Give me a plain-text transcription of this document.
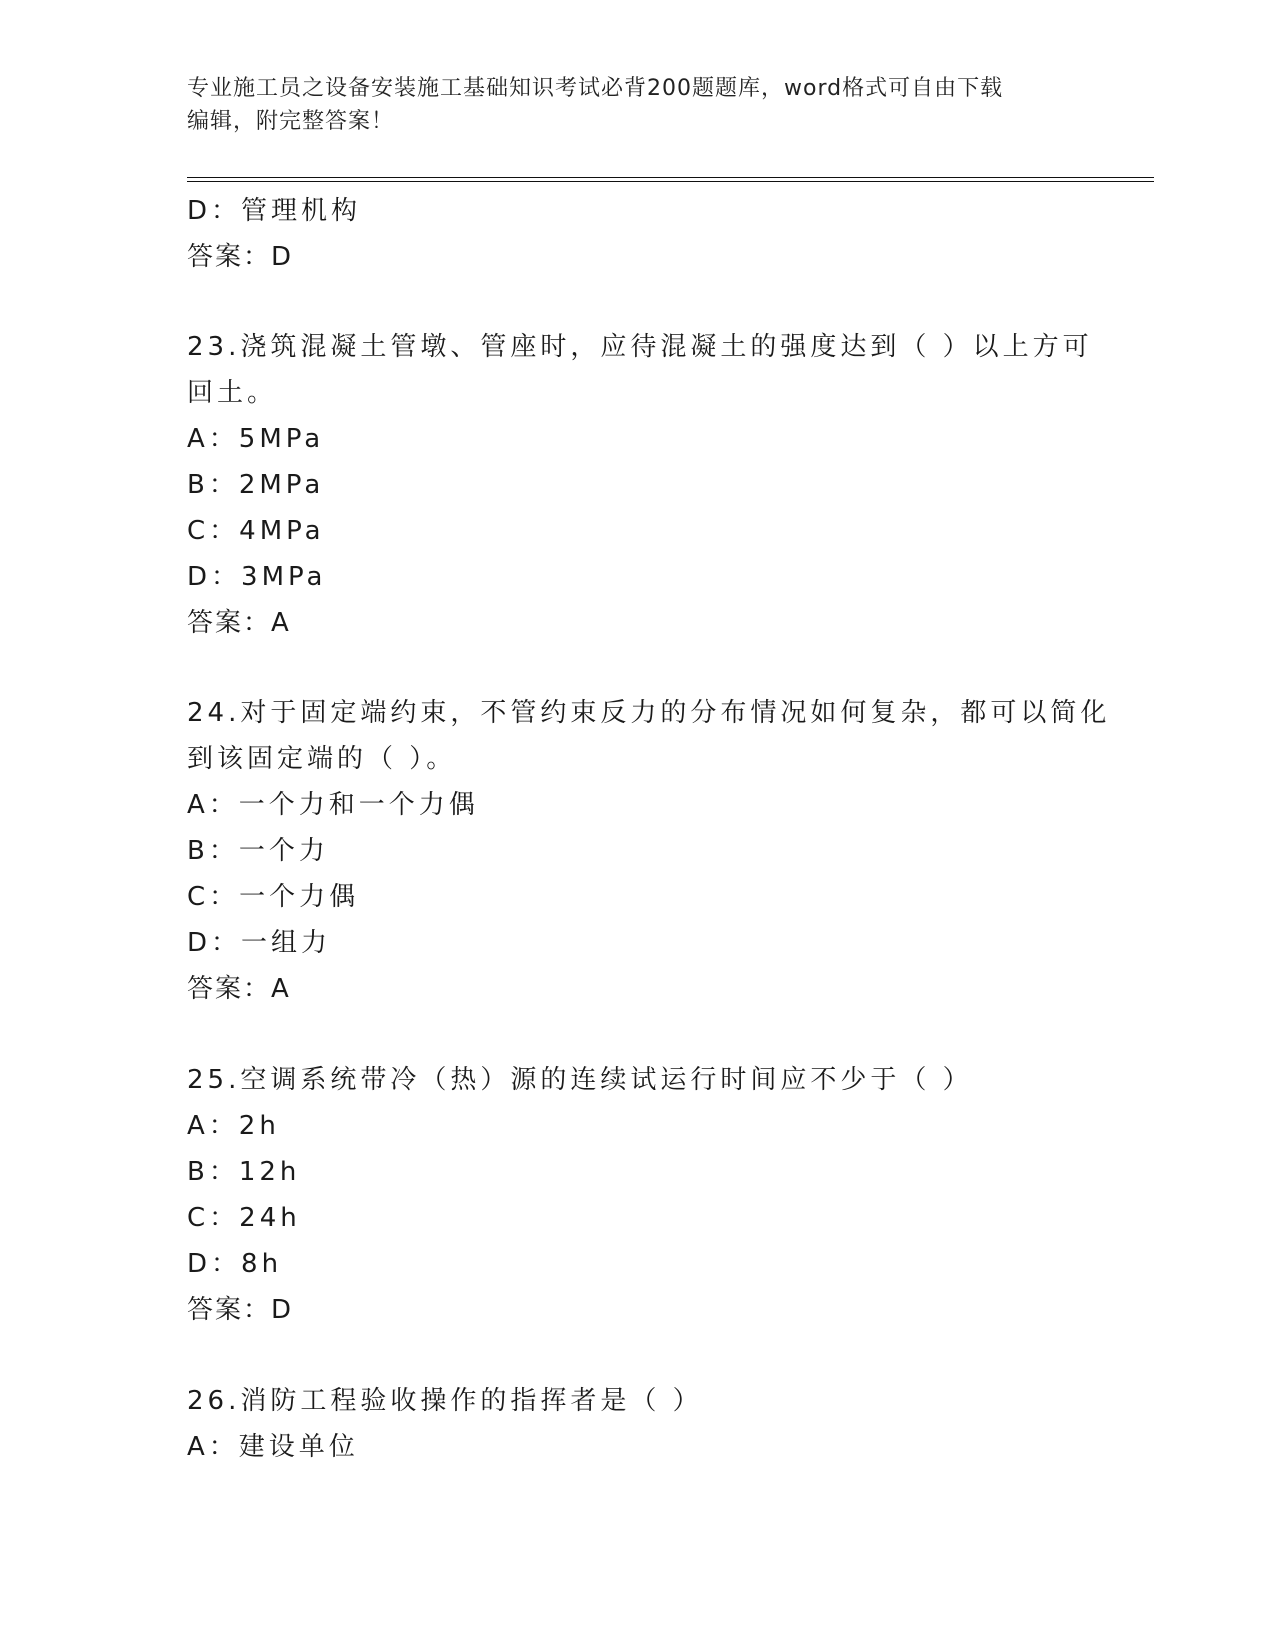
专业施工员之设备安装施工基础知识考试必背200题题库，word格式可自由下载
编辑，附完整答案！
D：管理机构
答案：D
23.浇筑混凝土管墩、管座时，应待混凝土的强度达到（ ）以上方可
回土。
A：5MPa
B：2MPa
C：4MPa
D：3MPa
答案：A
24.对于固定端约束，不管约束反力的分布情况如何复杂，都可以简化
到该固定端的（ ）。
A：一个力和一个力偶
B：一个力
C：一个力偶
D：一组力
答案：A
25.空调系统带冷（热）源的连续试运行时间应不少于（ ）
A：2h
B：12h
C：24h
D：8h
答案：D
26.消防工程验收操作的指挥者是（ ）
A：建设单位
